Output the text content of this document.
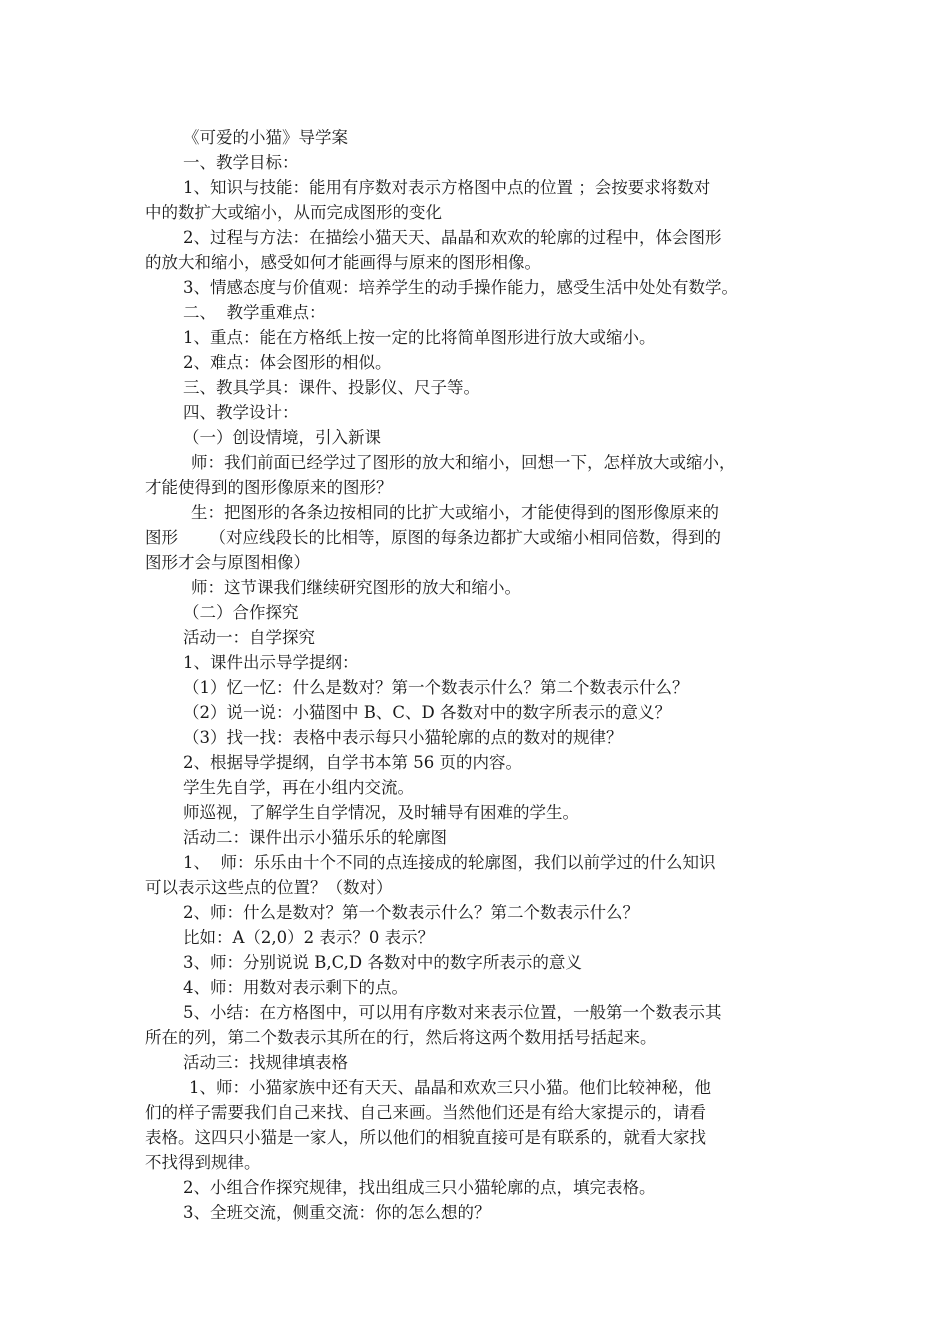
《可爱的小猫》导学案
一、教学目标：
1、知识与技能：能用有序数对表示方格图中点的位置 ；会按要求将数对
中的数扩大或缩小，从而完成图形的变化
2、过程与方法：在描绘小猫天天、晶晶和欢欢的轮廓的过程中，体会图形
的放大和缩小，感受如何才能画得与原来的图形相像。
3、情感态度与价值观：培养学生的动手操作能力，感受生活中处处有数学。
二、  教学重难点：
1、重点：能在方格纸上按一定的比将简单图形进行放大或缩小。
2、难点：体会图形的相似。
三、教具学具：课件、投影仪、尺子等。
四、教学设计：
（一）创设情境，引入新课
师：我们前面已经学过了图形的放大和缩小，回想一下，怎样放大或缩小，
才能使得到的图形像原来的图形？
生：把图形的各条边按相同的比扩大或缩小，才能使得到的图形像原来的
图形      （对应线段长的比相等，原图的每条边都扩大或缩小相同倍数，得到的
图形才会与原图相像）
师：这节课我们继续研究图形的放大和缩小。
（二）合作探究
活动一：自学探究
1、课件出示导学提纲：
（1）忆一忆：什么是数对？第一个数表示什么？第二个数表示什么？
（2）说一说：小猫图中 B、C、D 各数对中的数字所表示的意义？
（3）找一找：表格中表示每只小猫轮廓的点的数对的规律？
2、根据导学提纲，自学书本第 56 页的内容。
学生先自学，再在小组内交流。
师巡视，了解学生自学情况，及时辅导有困难的学生。
活动二：课件出示小猫乐乐的轮廓图
1、  师：乐乐由十个不同的点连接成的轮廓图，我们以前学过的什么知识
可以表示这些点的位置？（数对）
2、师：什么是数对？第一个数表示什么？第二个数表示什么？
比如：A（2,0）2 表示？0 表示？
3、师：分别说说 B,C,D 各数对中的数字所表示的意义
4、师：用数对表示剩下的点。
5、小结：在方格图中，可以用有序数对来表示位置，一般第一个数表示其
所在的列，第二个数表示其所在的行，然后将这两个数用括号括起来。
活动三：找规律填表格
1、师：小猫家族中还有天天、晶晶和欢欢三只小猫。他们比较神秘，他
们的样子需要我们自己来找、自己来画。当然他们还是有给大家提示的，请看
表格。这四只小猫是一家人，所以他们的相貌直接可是有联系的，就看大家找
不找得到规律。
2、小组合作探究规律，找出组成三只小猫轮廓的点，填完表格。
3、全班交流，侧重交流：你的怎么想的？
